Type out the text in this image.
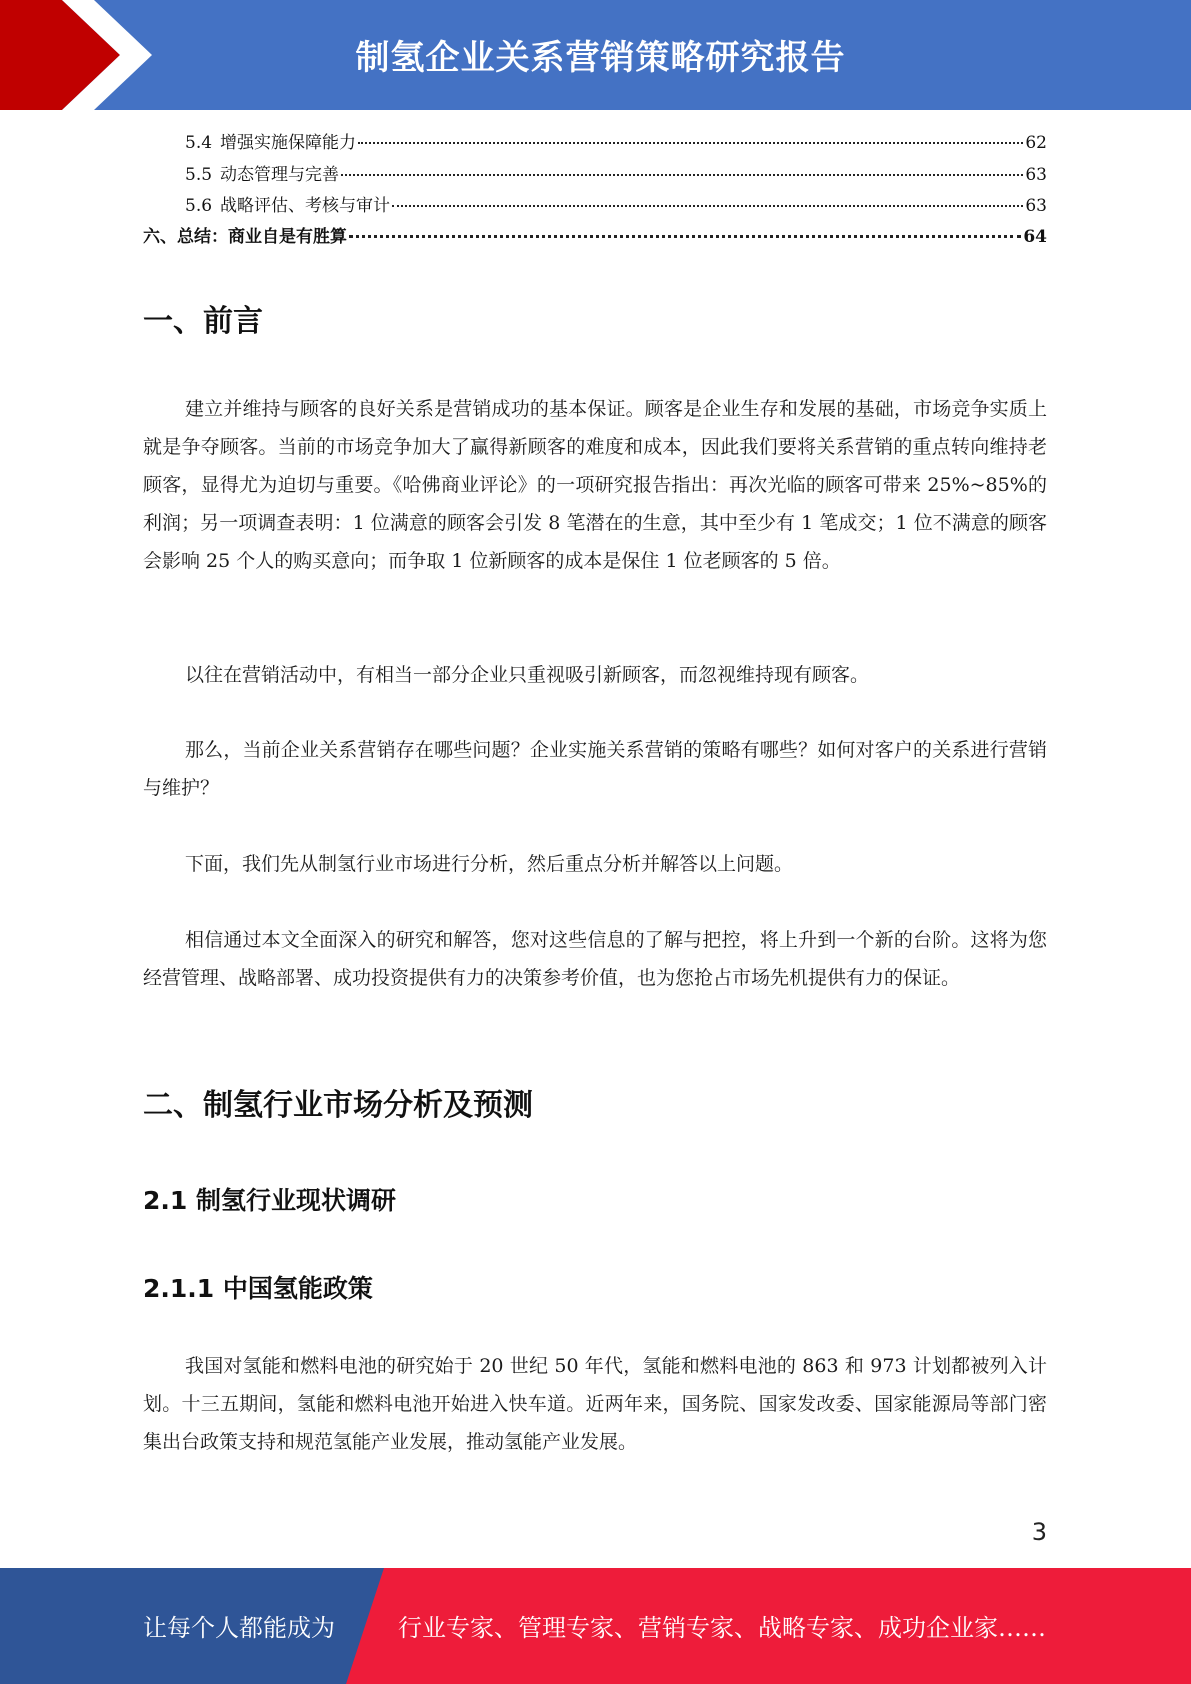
制氢企业关系营销策略研究报告
5.4 增强实施保障能力	62
5.5 动态管理与完善	63
5.6 战略评估、考核与审计	63
六、总结：商业自是有胜算	64
一、前言

建立并维持与顾客的良好关系是营销成功的基本保证。顾客是企业生存和发展的基础，市场竞争实质上就是争夺顾客。当前的市场竞争加大了赢得新顾客的难度和成本，因此我们要将关系营销的重点转向维持老顾客，显得尤为迫切与重要。《哈佛商业评论》的一项研究报告指出：再次光临的顾客可带来 25%~85%的利润；另一项调查表明：1 位满意的顾客会引发 8 笔潜在的生意，其中至少有 1 笔成交；1 位不满意的顾客会影响 25 个人的购买意向；而争取 1 位新顾客的成本是保住 1 位老顾客的 5 倍。

以往在营销活动中，有相当一部分企业只重视吸引新顾客，而忽视维持现有顾客。

那么，当前企业关系营销存在哪些问题？企业实施关系营销的策略有哪些？如何对客户的关系进行营销与维护？

下面，我们先从制氢行业市场进行分析，然后重点分析并解答以上问题。

相信通过本文全面深入的研究和解答，您对这些信息的了解与把控，将上升到一个新的台阶。这将为您经营管理、战略部署、成功投资提供有力的决策参考价值，也为您抢占市场先机提供有力的保证。

二、制氢行业市场分析及预测
2.1 制氢行业现状调研
2.1.1 中国氢能政策

我国对氢能和燃料电池的研究始于 20 世纪 50 年代，氢能和燃料电池的 863 和 973 计划都被列入计划。十三五期间，氢能和燃料电池开始进入快车道。近两年来，国务院、国家发改委、国家能源局等部门密集出台政策支持和规范氢能产业发展，推动氢能产业发展。

3
让每个人都能成为	行业专家、管理专家、营销专家、战略专家、成功企业家……
